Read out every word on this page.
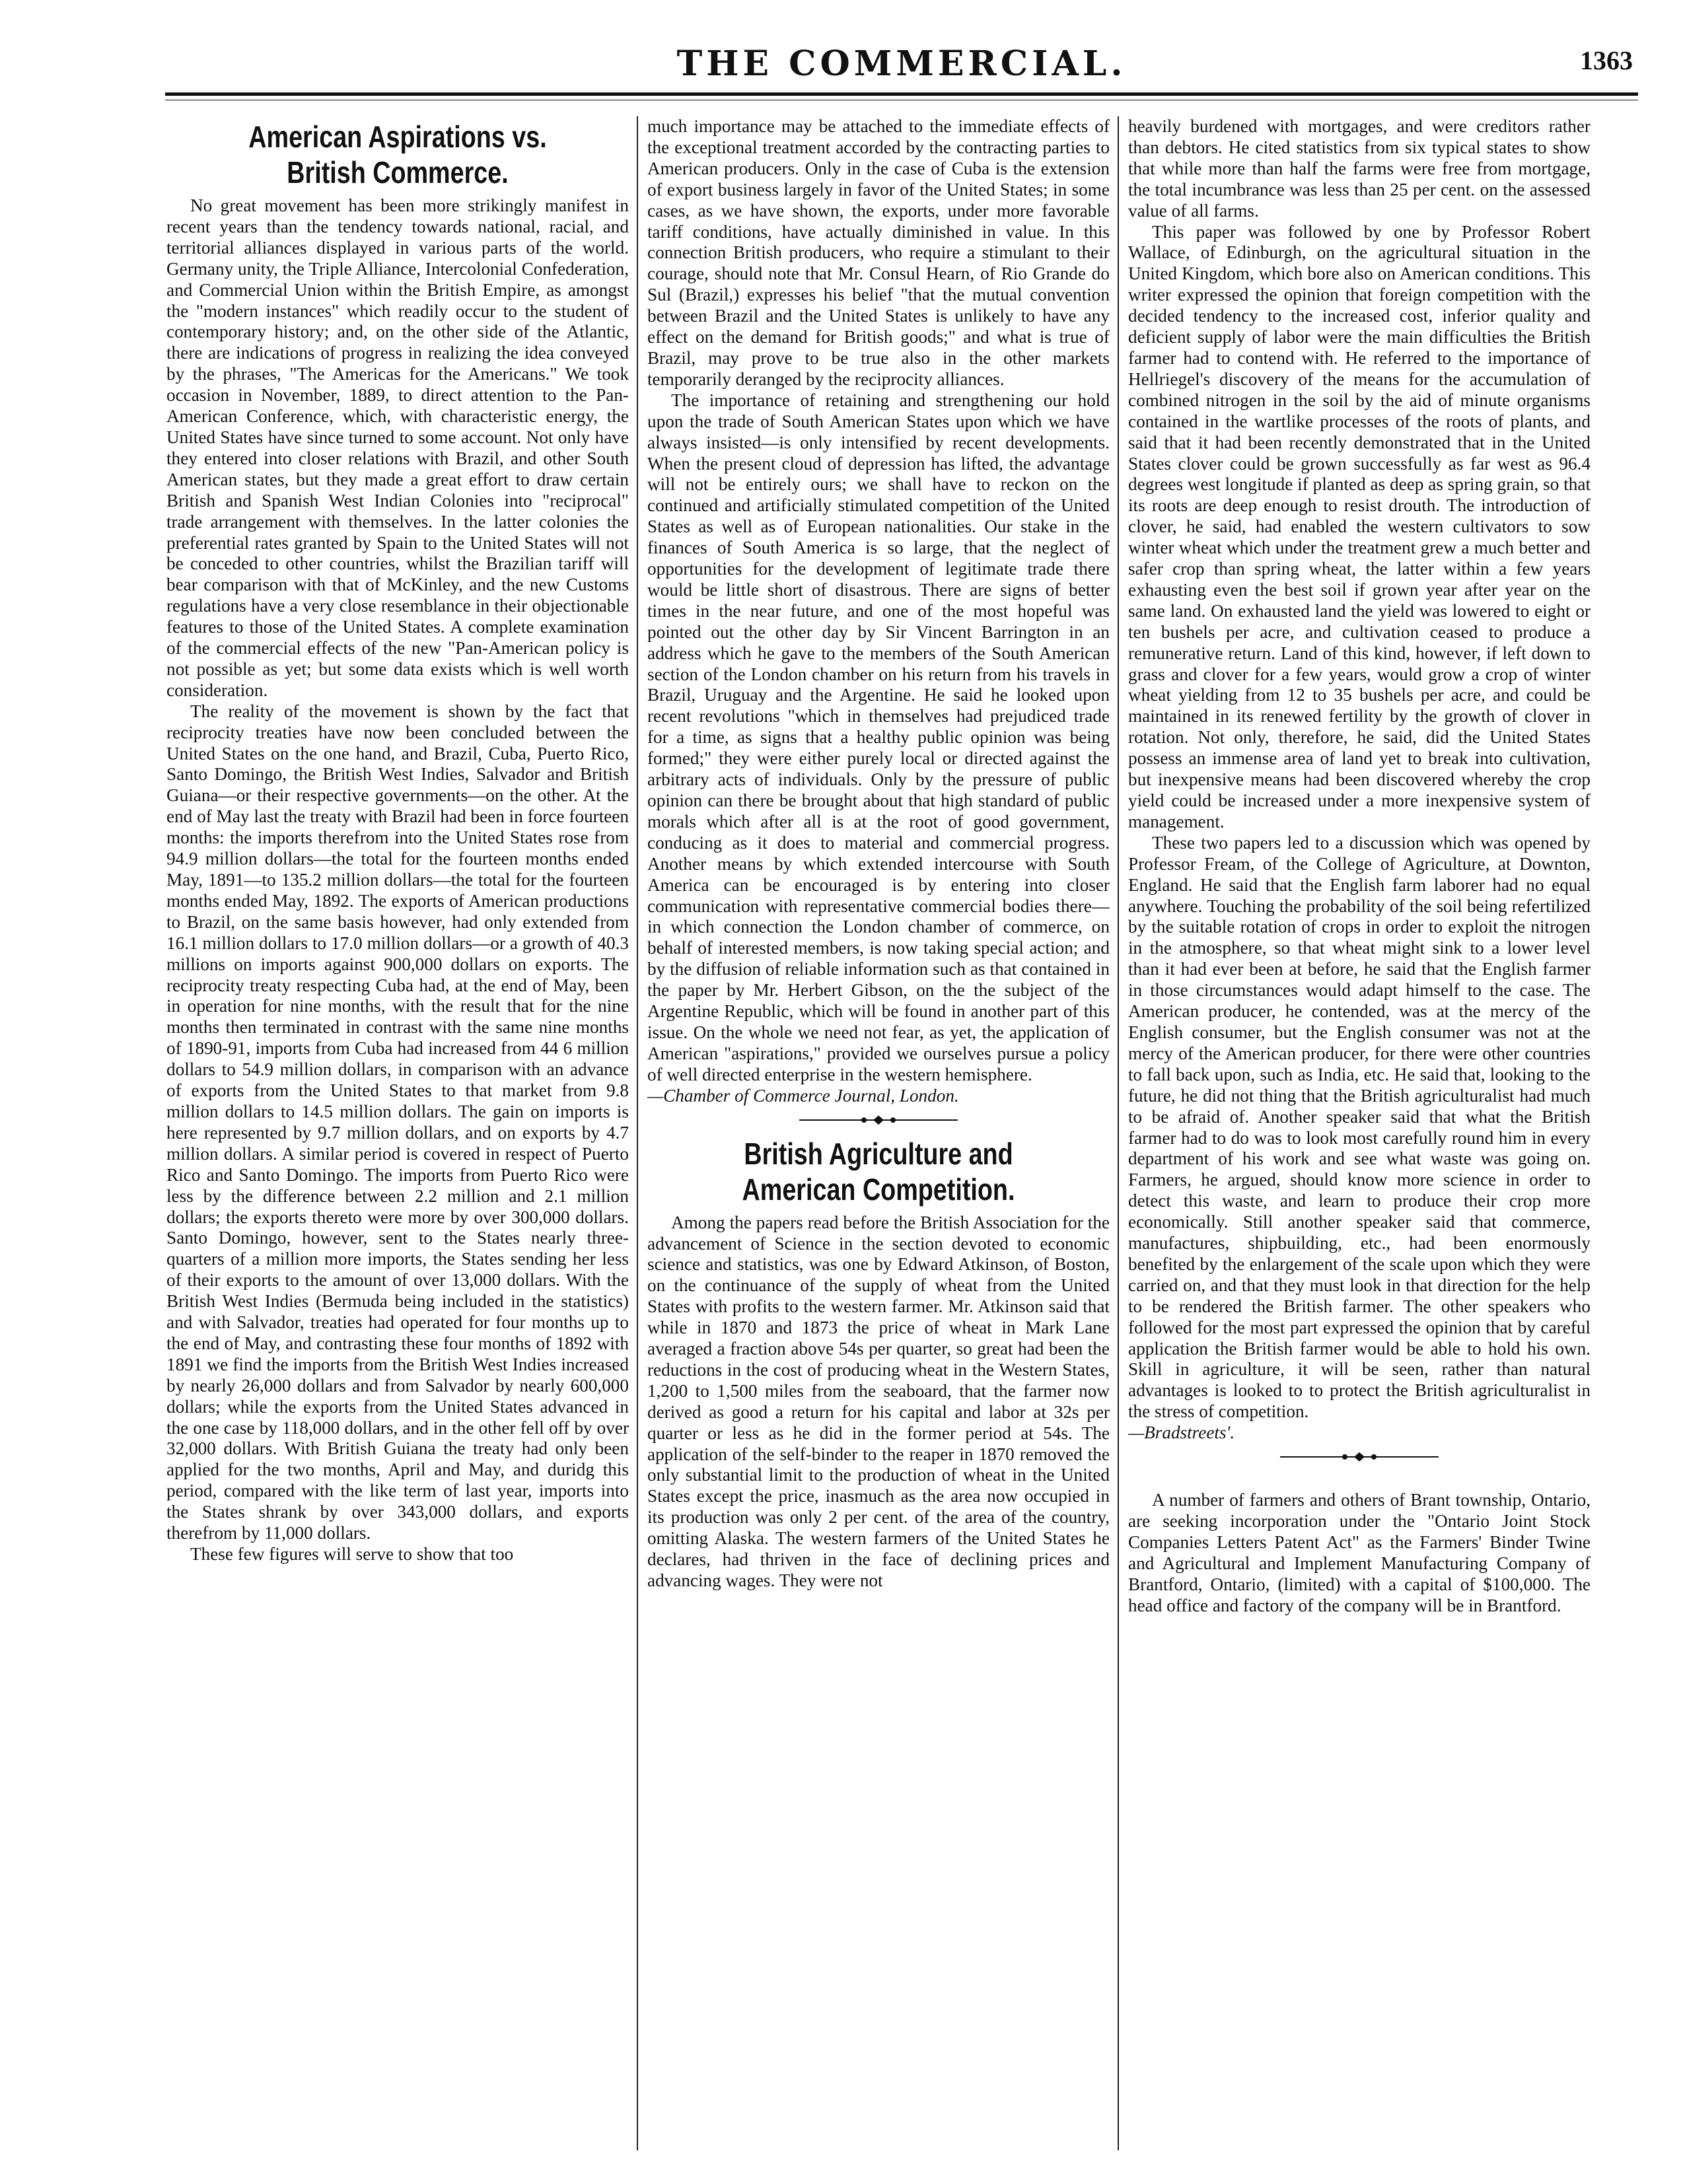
THE COMMERCIAL.	1363
American Aspirations vs. British Commerce.

No great movement has been more strikingly manifest in recent years than the tendency towards national, racial, and territorial alliances displayed in various parts of the world. Germany unity, the Triple Alliance, Intercolonial Confederation, and Commercial Union within the British Empire, as amongst the "modern instances" which readily occur to the student of contemporary history; and, on the other side of the Atlantic, there are indications of progress in realizing the idea conveyed by the phrases, "The Americas for the Americans." We took occasion in November, 1889, to direct attention to the Pan-American Conference, which, with characteristic energy, the United States have since turned to some account. Not only have they entered into closer relations with Brazil, and other South American states, but they made a great effort to draw certain British and Spanish West Indian Colonies into "reciprocal" trade arrangement with themselves. In the latter colonies the preferential rates granted by Spain to the United States will not be conceded to other countries, whilst the Brazilian tariff will bear comparison with that of McKinley, and the new Customs regulations have a very close resemblance in their objectionable features to those of the United States. A complete examination of the commercial effects of the new "Pan-American policy is not possible as yet; but some data exists which is well worth consideration.

The reality of the movement is shown by the fact that reciprocity treaties have now been concluded between the United States on the one hand, and Brazil, Cuba, Puerto Rico, Santo Domingo, the British West Indies, Salvador and British Guiana—or their respective governments—on the other. At the end of May last the treaty with Brazil had been in force fourteen months: the imports therefrom into the United States rose from 94.9 million dollars—the total for the fourteen months ended May, 1891—to 135.2 million dollars—the total for the fourteen months ended May, 1892. The exports of American productions to Brazil, on the same basis however, had only extended from 16.1 million dollars to 17.0 million dollars—or a growth of 40.3 millions on imports against 900,000 dollars on exports. The reciprocity treaty respecting Cuba had, at the end of May, been in operation for nine months, with the result that for the nine months then terminated in contrast with the same nine months of 1890-91, imports from Cuba had increased from 44 6 million dollars to 54.9 million dollars, in comparison with an advance of exports from the United States to that market from 9.8 million dollars to 14.5 million dollars. The gain on imports is here represented by 9.7 million dollars, and on exports by 4.7 million dollars. A similar period is covered in respect of Puerto Rico and Santo Domingo. The imports from Puerto Rico were less by the difference between 2.2 million and 2.1 million dollars; the exports thereto were more by over 300,000 dollars. Santo Domingo, however, sent to the States nearly three-quarters of a million more imports, the States sending her less of their exports to the amount of over 13,000 dollars. With the British West Indies (Bermuda being included in the statistics) and with Salvador, treaties had operated for four months up to the end of May, and contrasting these four months of 1892 with 1891 we find the imports from the British West Indies increased by nearly 26,000 dollars and from Salvador by nearly 600,000 dollars; while the exports from the United States advanced in the one case by 118,000 dollars, and in the other fell off by over 32,000 dollars. With British Guiana the treaty had only been applied for the two months, April and May, and duridg this period, compared with the like term of last year, imports into the States shrank by over 343,000 dollars, and exports therefrom by 11,000 dollars.

These few figures will serve to show that too

much importance may be attached to the immediate effects of the exceptional treatment accorded by the contracting parties to American producers. Only in the case of Cuba is the extension of export business largely in favor of the United States; in some cases, as we have shown, the exports, under more favorable tariff conditions, have actually diminished in value. In this connection British producers, who require a stimulant to their courage, should note that Mr. Consul Hearn, of Rio Grande do Sul (Brazil,) expresses his belief "that the mutual convention between Brazil and the United States is unlikely to have any effect on the demand for British goods;" and what is true of Brazil, may prove to be true also in the other markets temporarily deranged by the reciprocity alliances.

The importance of retaining and strengthening our hold upon the trade of South American States upon which we have always insisted—is only intensified by recent developments. When the present cloud of depression has lifted, the advantage will not be entirely ours; we shall have to reckon on the continued and artificially stimulated competition of the United States as well as of European nationalities. Our stake in the finances of South America is so large, that the neglect of opportunities for the development of legitimate trade there would be little short of disastrous. There are signs of better times in the near future, and one of the most hopeful was pointed out the other day by Sir Vincent Barrington in an address which he gave to the members of the South American section of the London chamber on his return from his travels in Brazil, Uruguay and the Argentine. He said he looked upon recent revolutions "which in themselves had prejudiced trade for a time, as signs that a healthy public opinion was being formed;" they were either purely local or directed against the arbitrary acts of individuals. Only by the pressure of public opinion can there be brought about that high standard of public morals which after all is at the root of good government, conducing as it does to material and commercial progress. Another means by which extended intercourse with South America can be encouraged is by entering into closer communication with representative commercial bodies there—in which connection the London chamber of commerce, on behalf of interested members, is now taking special action; and by the diffusion of reliable information such as that contained in the paper by Mr. Herbert Gibson, on the the subject of the Argentine Republic, which will be found in another part of this issue. On the whole we need not fear, as yet, the application of American "aspirations," provided we ourselves pursue a policy of well directed enterprise in the western hemisphere.

—Chamber of Commerce Journal, London.

British Agriculture and American Competition.

Among the papers read before the British Association for the advancement of Science in the section devoted to economic science and statistics, was one by Edward Atkinson, of Boston, on the continuance of the supply of wheat from the United States with profits to the western farmer. Mr. Atkinson said that while in 1870 and 1873 the price of wheat in Mark Lane averaged a fraction above 54s per quarter, so great had been the reductions in the cost of producing wheat in the Western States, 1,200 to 1,500 miles from the seaboard, that the farmer now derived as good a return for his capital and labor at 32s per quarter or less as he did in the former period at 54s. The application of the self-binder to the reaper in 1870 removed the only substantial limit to the production of wheat in the United States except the price, inasmuch as the area now occupied in its production was only 2 per cent. of the area of the country, omitting Alaska. The western farmers of the United States he declares, had thriven in the face of declining prices and advancing wages. They were not

heavily burdened with mortgages, and were creditors rather than debtors. He cited statistics from six typical states to show that while more than half the farms were free from mortgage, the total incumbrance was less than 25 per cent. on the assessed value of all farms.

This paper was followed by one by Professor Robert Wallace, of Edinburgh, on the agricultural situation in the United Kingdom, which bore also on American conditions. This writer expressed the opinion that foreign competition with the decided tendency to the increased cost, inferior quality and deficient supply of labor were the main difficulties the British farmer had to contend with. He referred to the importance of Hellriegel's discovery of the means for the accumulation of combined nitrogen in the soil by the aid of minute organisms contained in the wartlike processes of the roots of plants, and said that it had been recently demonstrated that in the United States clover could be grown successfully as far west as 96.4 degrees west longitude if planted as deep as spring grain, so that its roots are deep enough to resist drouth. The introduction of clover, he said, had enabled the western cultivators to sow winter wheat which under the treatment grew a much better and safer crop than spring wheat, the latter within a few years exhausting even the best soil if grown year after year on the same land. On exhausted land the yield was lowered to eight or ten bushels per acre, and cultivation ceased to produce a remunerative return. Land of this kind, however, if left down to grass and clover for a few years, would grow a crop of winter wheat yielding from 12 to 35 bushels per acre, and could be maintained in its renewed fertility by the growth of clover in rotation. Not only, therefore, he said, did the United States possess an immense area of land yet to break into cultivation, but inexpensive means had been discovered whereby the crop yield could be increased under a more inexpensive system of management.

These two papers led to a discussion which was opened by Professor Fream, of the College of Agriculture, at Downton, England. He said that the English farm laborer had no equal anywhere. Touching the probability of the soil being refertilized by the suitable rotation of crops in order to exploit the nitrogen in the atmosphere, so that wheat might sink to a lower level than it had ever been at before, he said that the English farmer in those circumstances would adapt himself to the case. The American producer, he contended, was at the mercy of the English consumer, but the English consumer was not at the mercy of the American producer, for there were other countries to fall back upon, such as India, etc. He said that, looking to the future, he did not thing that the British agriculturalist had much to be afraid of. Another speaker said that what the British farmer had to do was to look most carefully round him in every department of his work and see what waste was going on. Farmers, he argued, should know more science in order to detect this waste, and learn to produce their crop more economically. Still another speaker said that commerce, manufactures, shipbuilding, etc., had been enormously benefited by the enlargement of the scale upon which they were carried on, and that they must look in that direction for the help to be rendered the British farmer. The other speakers who followed for the most part expressed the opinion that by careful application the British farmer would be able to hold his own. Skill in agriculture, it will be seen, rather than natural advantages is looked to to protect the British agriculturalist in the stress of competition.

—Bradstreets'.

A number of farmers and others of Brant township, Ontario, are seeking incorporation under the "Ontario Joint Stock Companies Letters Patent Act" as the Farmers' Binder Twine and Agricultural and Implement Manufacturing Company of Brantford, Ontario, (limited) with a capital of $100,000. The head office and factory of the company will be in Brantford.
